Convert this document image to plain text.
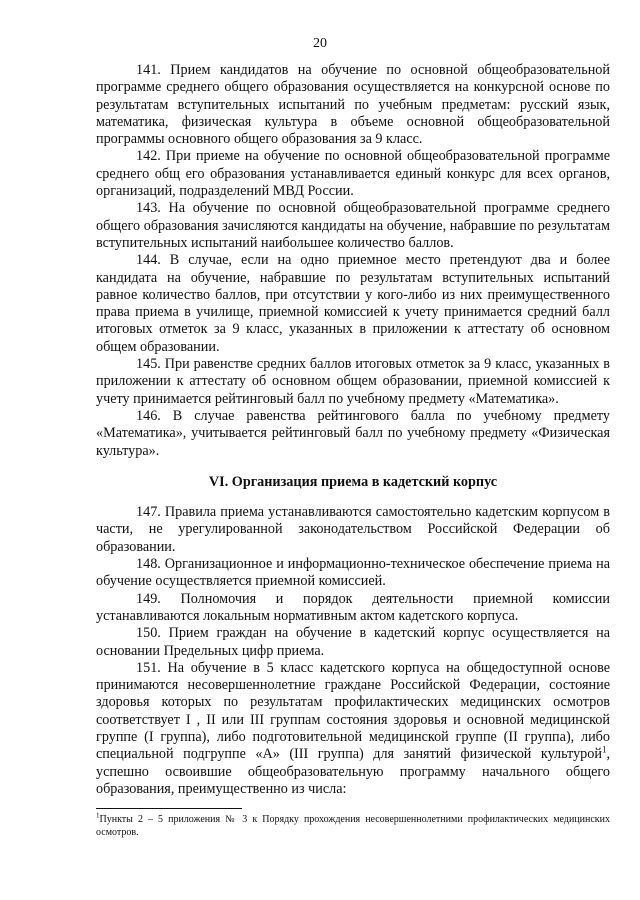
20

141. Прием кандидатов на обучение по основной общеобразовательной программе среднего общего образования осуществляется на конкурсной основе по результатам вступительных испытаний по учебным предметам: русский язык, математика, физическая культура в объеме основной общеобразовательной программы основного общего образования за 9 класс.

142. При приеме на обучение по основной общеобразовательной программе среднего общ его образования устанавливается единый конкурс для всех органов, организаций, подразделений МВД России.

143. На обучение по основной общеобразовательной программе среднего общего образования зачисляются кандидаты на обучение, набравшие по результатам вступительных испытаний наибольшее количество баллов.

144. В случае, если на одно приемное место претендуют два и более кандидата на обучение, набравшие по результатам вступительных испытаний равное количество баллов, при отсутствии у кого-либо из них преимущественного права приема в училище, приемной комиссией к учету принимается средний балл итоговых отметок за 9 класс, указанных в приложении к аттестату об основном общем образовании.

145. При равенстве средних баллов итоговых отметок за 9 класс, указанных в приложении к аттестату об основном общем образовании, приемной комиссией к учету принимается рейтинговый балл по учебному предмету «Математика».

146. В случае равенства рейтингового балла по учебному предмету «Математика», учитывается рейтинговый балл по учебному предмету «Физическая культура».

VI. Организация приема в кадетский корпус

147. Правила приема устанавливаются самостоятельно кадетским корпусом в части, не урегулированной законодательством Российской Федерации об образовании.

148. Организационное и информационно-техническое обеспечение приема на обучение осуществляется приемной комиссией.

149. Полномочия и порядок деятельности приемной комиссии устанавливаются локальным нормативным актом кадетского корпуса.

150. Прием граждан на обучение в кадетский корпус осуществляется на основании Предельных цифр приема.

151. На обучение в 5 класс кадетского корпуса на общедоступной основе принимаются несовершеннолетние граждане Российской Федерации, состояние здоровья которых по результатам профилактических медицинских осмотров соответствует I , II или III группам состояния здоровья и основной медицинской группе (I группа), либо подготовительной медицинской группе (II группа), либо специальной подгруппе «А» (III группа) для занятий физической культурой$^1$, успешно освоившие общеобразовательную программу начального общего образования, преимущественно из числа:

$^1$Пункты 2 – 5 приложения № 3 к Порядку прохождения несовершеннолетними профилактических медицинских осмотров.
